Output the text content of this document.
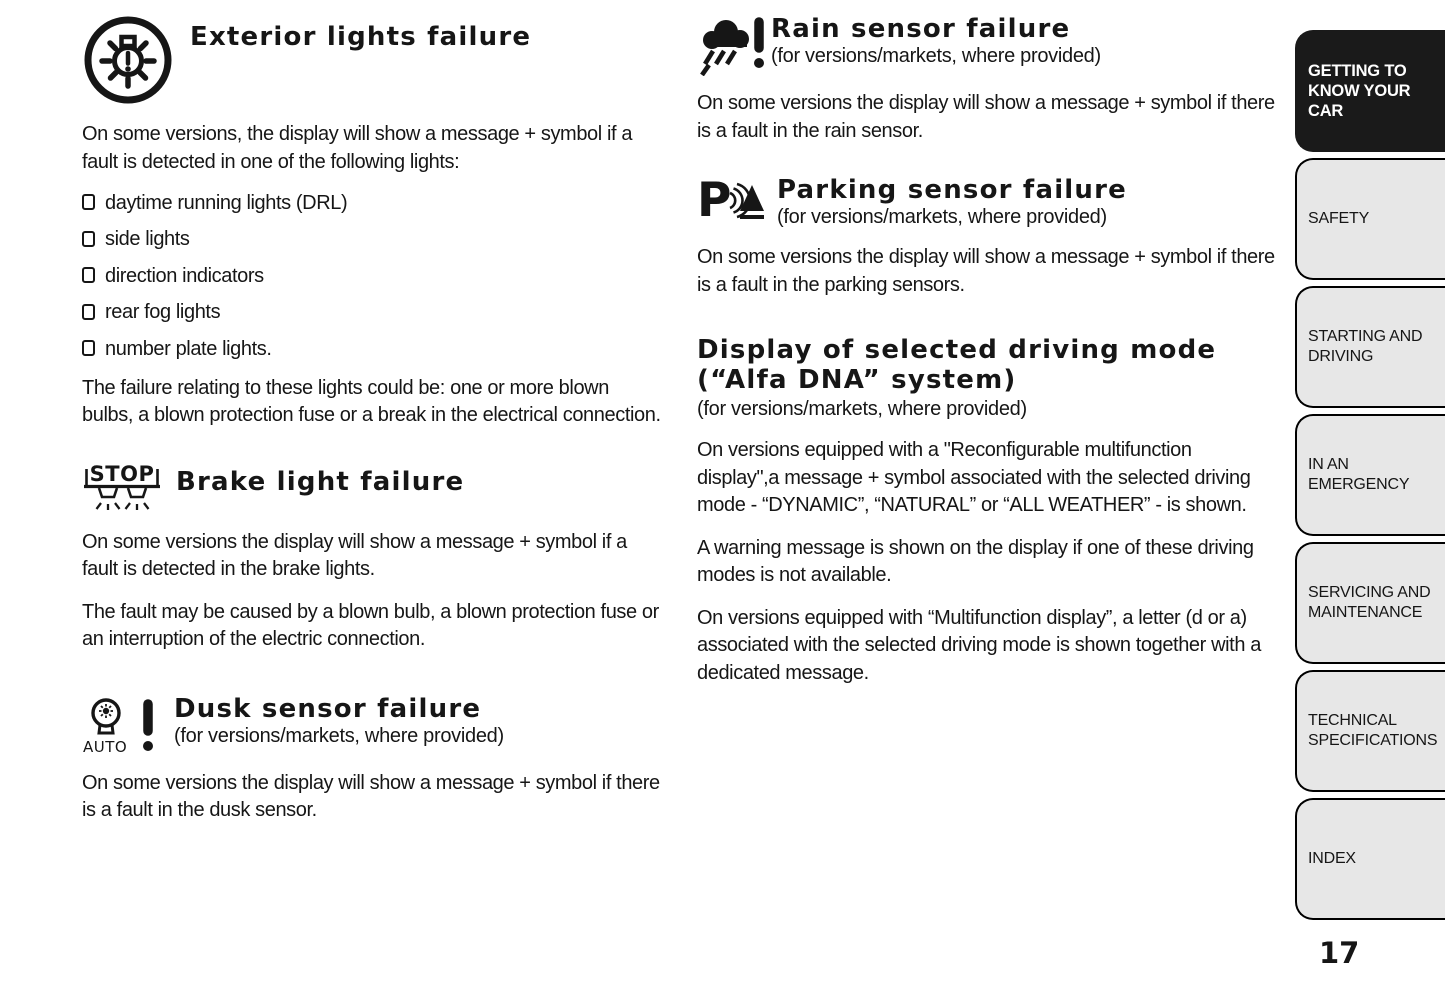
Exterior lights failure

On some versions, the display will show a message + symbol if a fault is detected in one of the following lights:

daytime running lights (DRL)
side lights
direction indicators
rear fog lights
number plate lights.

The failure relating to these lights could be: one or more blown bulbs, a blown protection fuse or a break in the electrical connection.

STOP Brake light failure

On some versions the display will show a message + symbol if a fault is detected in the brake lights.

The fault may be caused by a blown bulb, a blown protection fuse or an interruption of the electric connection.

AUTO
Dusk sensor failure
(for versions/markets, where provided)

On some versions the display will show a message + symbol if there is a fault in the dusk sensor.

Rain sensor failure
(for versions/markets, where provided)

On some versions the display will show a message + symbol if there is a fault in the rain sensor.

P Parking sensor failure
(for versions/markets, where provided)

On some versions the display will show a message + symbol if there is a fault in the parking sensors.

Display of selected driving mode
(“Alfa DNA” system)
(for versions/markets, where provided)

On versions equipped with a "Reconfigurable multifunction display",a message + symbol associated with the selected driving mode - “DYNAMIC”, “NATURAL” or “ALL WEATHER” - is shown.

A warning message is shown on the display if one of these driving modes is not available.

On versions equipped with “Multifunction display”, a letter (d or a) associated with the selected driving mode is shown together with a dedicated message.

GETTING TO KNOW YOUR CAR
SAFETY
STARTING AND DRIVING
IN AN EMERGENCY
SERVICING AND MAINTENANCE
TECHNICAL SPECIFICATIONS
INDEX
17
